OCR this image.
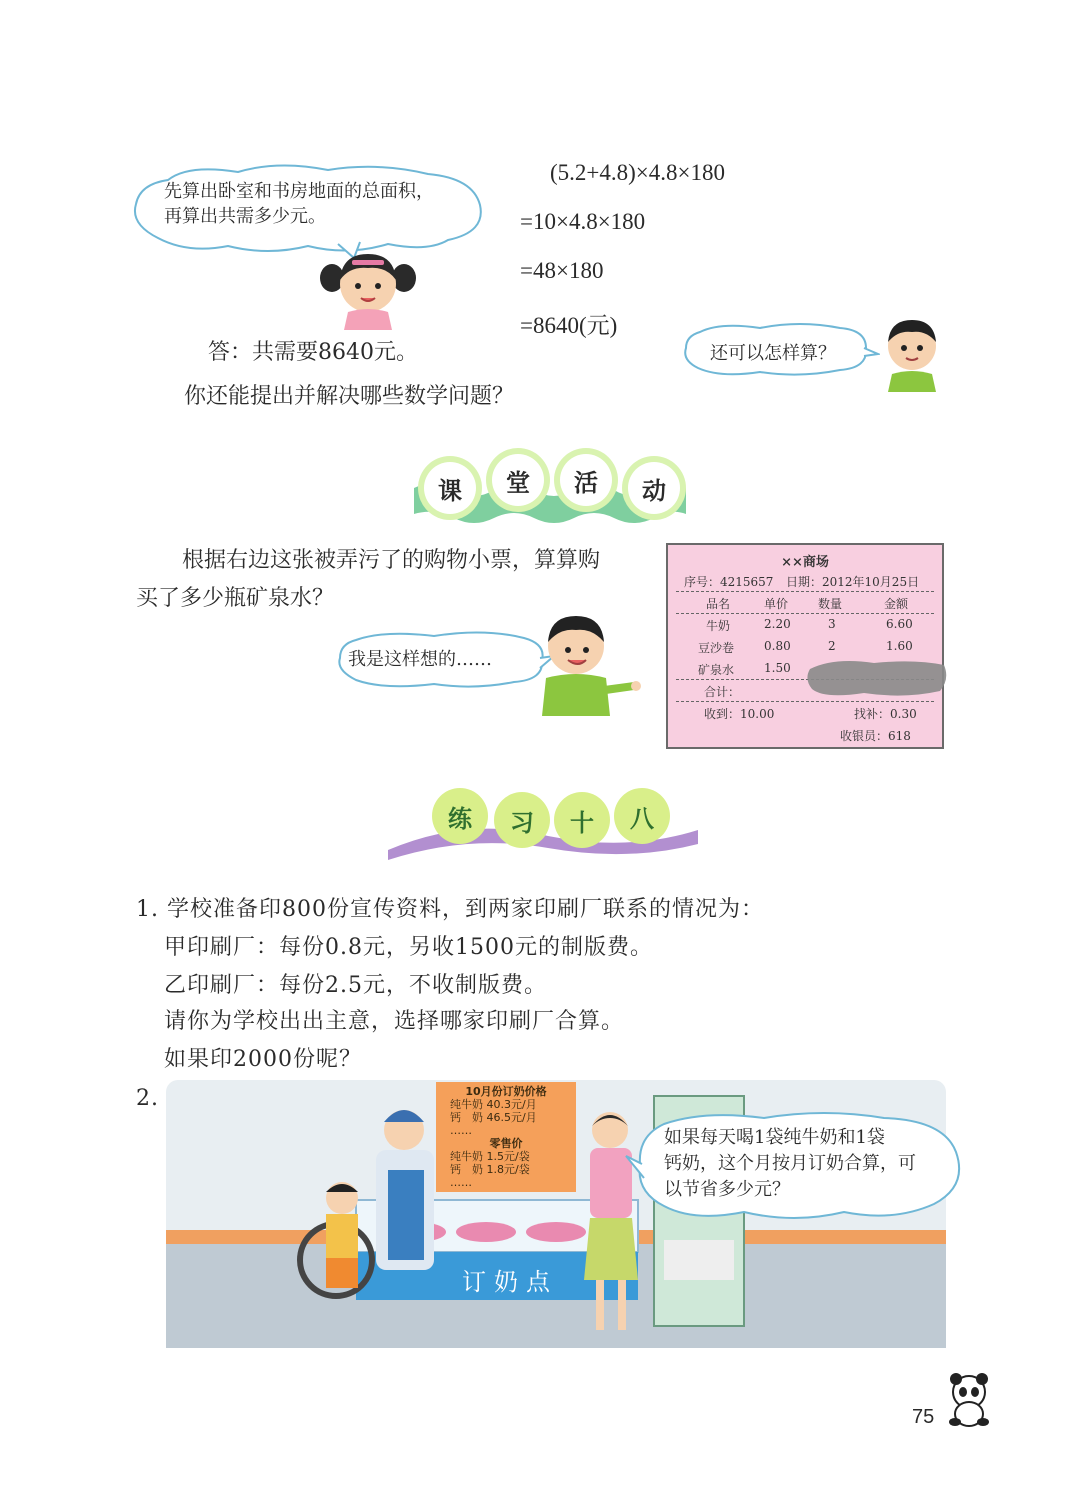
先算出卧室和书房地面的总面积，
再算出共需多少元。
(5.2+4.8)×4.8×180
=10×4.8×180
=48×180
=8640(元)
答：共需要8640元。
你还能提出并解决哪些数学问题？
还可以怎样算？
课	堂	活	动
根据右边这张被弄污了的购物小票，算算购
买了多少瓶矿泉水？
我是这样想的……
××商场
序号：4215657 日期：2012年10月25日
品名	单价 数量	金额
牛奶	2.20	3	6.60
豆沙卷 0.80	2	1.60
矿泉水 1.50
合计：
收到：10.00	找补：0.30
收银员：618
练	习	十	八
1. 学校准备印800份宣传资料，到两家印刷厂联系的情况为：
甲印刷厂：每份0.8元，另收1500元的制版费。
乙印刷厂：每份2.5元，不收制版费。
请你为学校出出主意，选择哪家印刷厂合算。
如果印2000份呢？
2.	10月份订奶价格
纯牛奶 40.3元/月
钙　奶 46.5元/月
……
零售价
纯牛奶 1.5元/袋
钙　奶 1.8元/袋
……
订奶点
如果每天喝1袋纯牛奶和1袋
钙奶，这个月按月订奶合算，可
以节省多少元？
75
